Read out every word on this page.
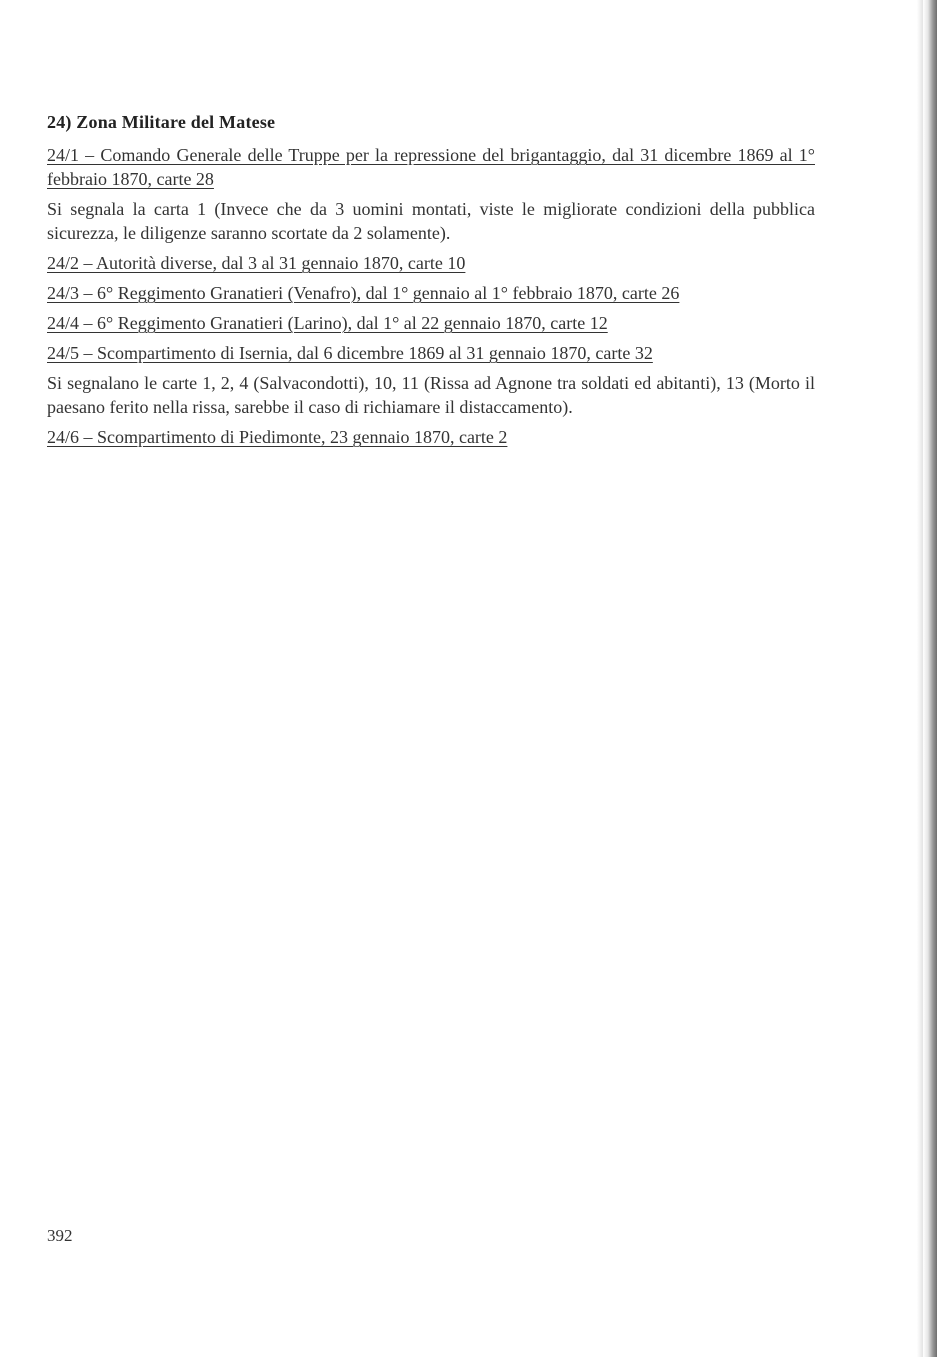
24) Zona Militare del Matese
24/1 – Comando Generale delle Truppe per la repressione del brigantaggio, dal 31 dicembre 1869 al 1° febbraio 1870, carte 28
Si segnala la carta 1 (Invece che da 3 uomini montati, viste le migliorate condizioni della pubblica sicurezza, le diligenze saranno scortate da 2 solamente).
24/2 – Autorità diverse, dal 3 al 31 gennaio 1870, carte 10
24/3 – 6° Reggimento Granatieri (Venafro), dal 1° gennaio al 1° febbraio 1870, carte 26
24/4 – 6° Reggimento Granatieri (Larino), dal 1° al 22 gennaio 1870, carte 12
24/5 – Scompartimento di Isernia, dal 6 dicembre 1869 al 31 gennaio 1870, carte 32
Si segnalano le carte 1, 2, 4 (Salvacondotti), 10, 11 (Rissa ad Agnone tra soldati ed abitanti), 13 (Morto il paesano ferito nella rissa, sarebbe il caso di richiamare il distaccamento).
24/6 – Scompartimento di Piedimonte, 23 gennaio 1870, carte 2
392
